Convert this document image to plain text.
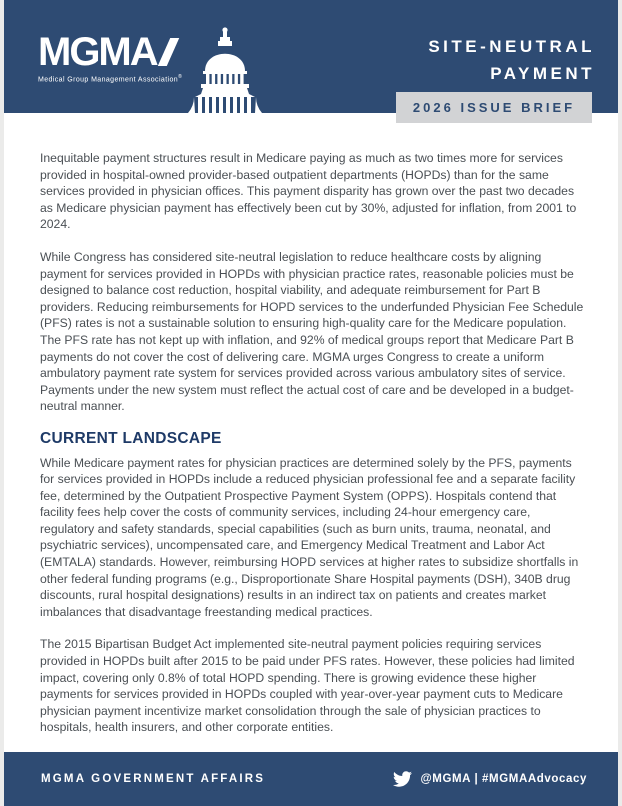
MGMA
Medical Group Management Association®
SITE-NEUTRAL
PAYMENT
2026 ISSUE BRIEF

Inequitable payment structures result in Medicare paying as much as two times more for services provided in hospital-owned provider-based outpatient departments (HOPDs) than for the same services provided in physician offices. This payment disparity has grown over the past two decades as Medicare physician payment has effectively been cut by 30%, adjusted for inflation, from 2001 to 2024.

While Congress has considered site-neutral legislation to reduce healthcare costs by aligning payment for services provided in HOPDs with physician practice rates, reasonable policies must be designed to balance cost reduction, hospital viability, and adequate reimbursement for Part B providers. Reducing reimbursements for HOPD services to the underfunded Physician Fee Schedule (PFS) rates is not a sustainable solution to ensuring high-quality care for the Medicare population. The PFS rate has not kept up with inflation, and 92% of medical groups report that Medicare Part B payments do not cover the cost of delivering care. MGMA urges Congress to create a uniform ambulatory payment rate system for services provided across various ambulatory sites of service. Payments under the new system must reflect the actual cost of care and be developed in a budget-neutral manner.

CURRENT LANDSCAPE

While Medicare payment rates for physician practices are determined solely by the PFS, payments for services provided in HOPDs include a reduced physician professional fee and a separate facility fee, determined by the Outpatient Prospective Payment System (OPPS). Hospitals contend that facility fees help cover the costs of community services, including 24-hour emergency care, regulatory and safety standards, special capabilities (such as burn units, trauma, neonatal, and psychiatric services), uncompensated care, and Emergency Medical Treatment and Labor Act (EMTALA) standards. However, reimbursing HOPD services at higher rates to subsidize shortfalls in other federal funding programs (e.g., Disproportionate Share Hospital payments (DSH), 340B drug discounts, rural hospital designations) results in an indirect tax on patients and creates market imbalances that disadvantage freestanding medical practices.

The 2015 Bipartisan Budget Act implemented site-neutral payment policies requiring services provided in HOPDs built after 2015 to be paid under PFS rates. However, these policies had limited impact, covering only 0.8% of total HOPD spending. There is growing evidence these higher payments for services provided in HOPDs coupled with year-over-year payment cuts to Medicare physician payment incentivize market consolidation through the sale of physician practices to hospitals, health insurers, and other corporate entities.

MGMA GOVERNMENT AFFAIRS	@MGMA | #MGMAAdvocacy
